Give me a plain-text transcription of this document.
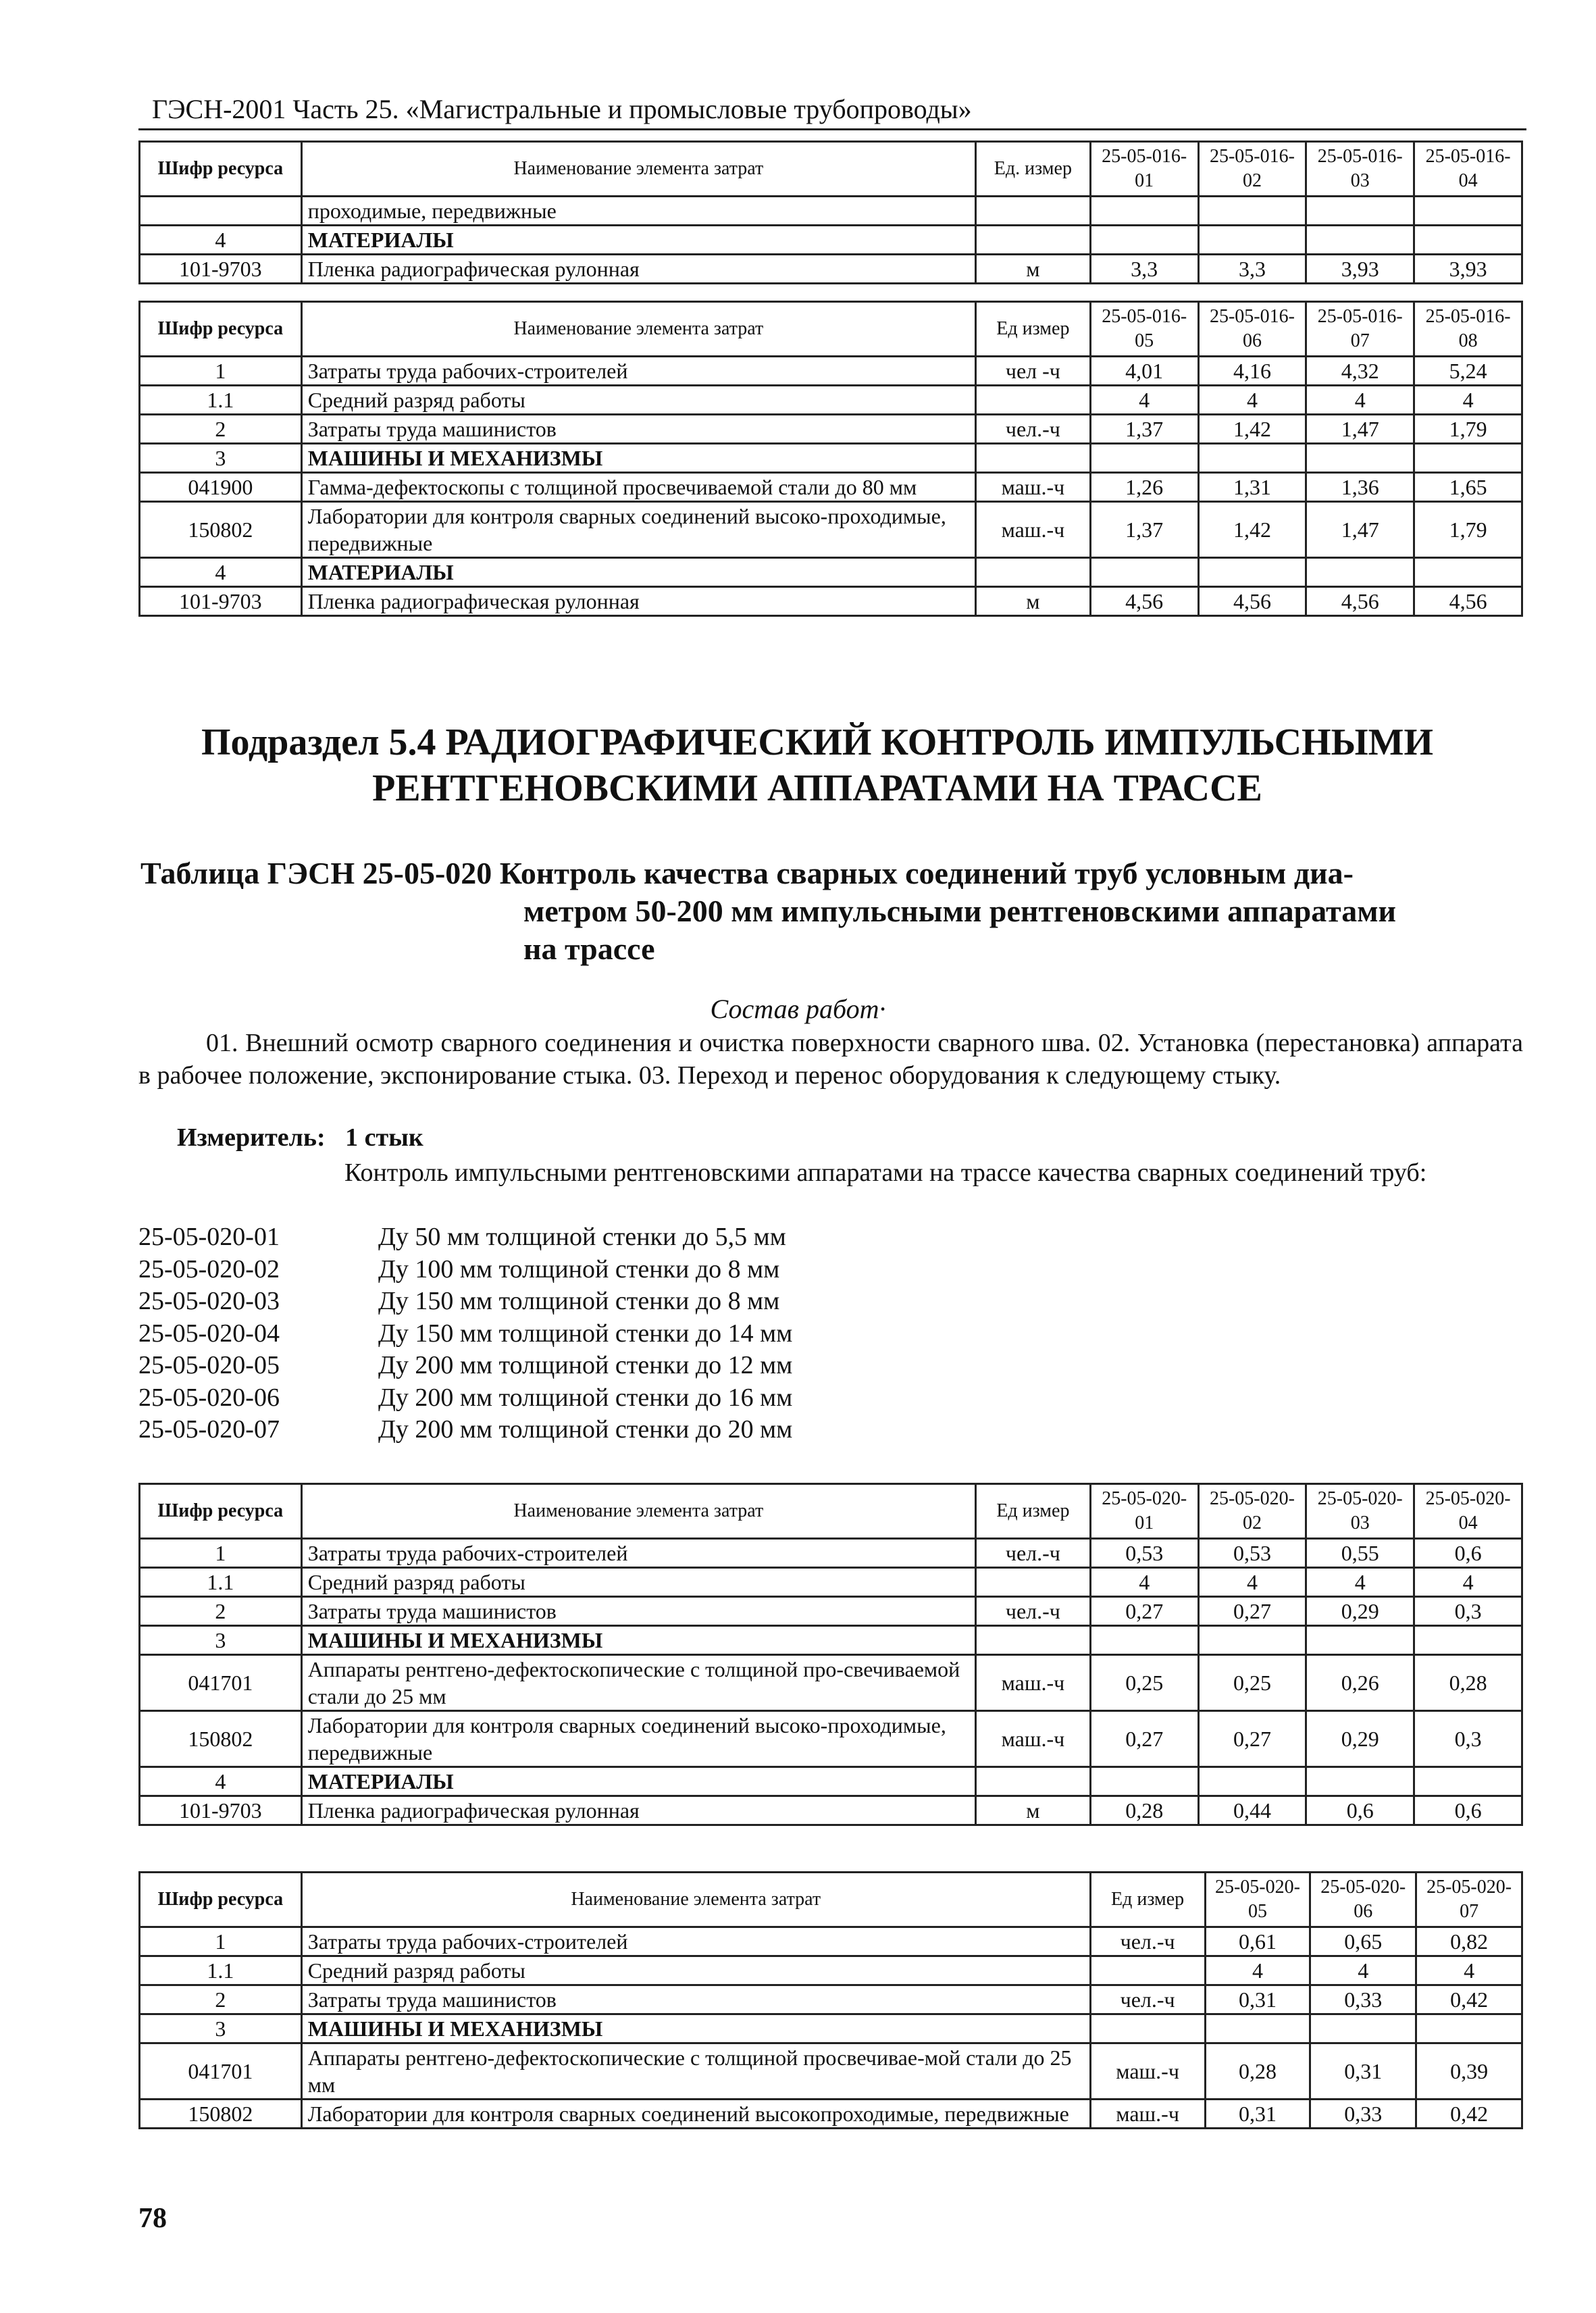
ГЭСН-2001 Часть 25. «Магистральные и промысловые трубопроводы»
Шифр ресурса	Наименование элемента затрат	Ед. измер	25-05-016-01	25-05-016-02	25-05-016-03	25-05-016-04
	проходимые, передвижные					
4	МАТЕРИАЛЫ					
101-9703	Пленка радиографическая рулонная	м	3,3	3,3	3,93	3,93
Шифр ресурса	Наименование элемента затрат	Ед измер	25-05-016-05	25-05-016-06	25-05-016-07	25-05-016-08
1	Затраты труда рабочих-строителей	чел -ч	4,01	4,16	4,32	5,24
1.1	Средний разряд работы		4	4	4	4
2	Затраты труда машинистов	чел.-ч	1,37	1,42	1,47	1,79
3	МАШИНЫ И МЕХАНИЗМЫ					
041900	Гамма-дефектоскопы с толщиной просвечиваемой стали до 80 мм	маш.-ч	1,26	1,31	1,36	1,65
150802	Лаборатории для контроля сварных соединений высоко-проходимые, передвижные	маш.-ч	1,37	1,42	1,47	1,79
4	МАТЕРИАЛЫ					
101-9703	Пленка радиографическая рулонная	м	4,56	4,56	4,56	4,56
Подраздел 5.4 РАДИОГРАФИЧЕСКИЙ КОНТРОЛЬ ИМПУЛЬСНЫМИ
РЕНТГЕНОВСКИМИ АППАРАТАМИ НА ТРАССЕ
Таблица ГЭСН 25-05-020 Контроль качества сварных соединений труб условным диа-
метром 50-200 мм импульсными рентгеновскими аппаратами
на трассе
Состав работ·
01. Внешний осмотр сварного соединения и очистка поверхности сварного шва. 02. Установка (перестановка) аппарата в рабочее положение, экспонирование стыка. 03. Переход и перенос оборудования к следующему стыку.
Измеритель: 1 стык
Контроль импульсными рентгеновскими аппаратами на трассе качества сварных соединений труб:
25-05-020-01	Ду 50 мм толщиной стенки до 5,5 мм
25-05-020-02	Ду 100 мм толщиной стенки до 8 мм
25-05-020-03	Ду 150 мм толщиной стенки до 8 мм
25-05-020-04	Ду 150 мм толщиной стенки до 14 мм
25-05-020-05	Ду 200 мм толщиной стенки до 12 мм
25-05-020-06	Ду 200 мм толщиной стенки до 16 мм
25-05-020-07	Ду 200 мм толщиной стенки до 20 мм
Шифр ресурса	Наименование элемента затрат	Ед измер	25-05-020-01	25-05-020-02	25-05-020-03	25-05-020-04
1	Затраты труда рабочих-строителей	чел.-ч	0,53	0,53	0,55	0,6
1.1	Средний разряд работы		4	4	4	4
2	Затраты труда машинистов	чел.-ч	0,27	0,27	0,29	0,3
3	МАШИНЫ И МЕХАНИЗМЫ					
041701	Аппараты рентгено-дефектоскопические с толщиной про-свечиваемой стали до 25 мм	маш.-ч	0,25	0,25	0,26	0,28
150802	Лаборатории для контроля сварных соединений высоко-проходимые, передвижные	маш.-ч	0,27	0,27	0,29	0,3
4	МАТЕРИАЛЫ					
101-9703	Пленка радиографическая рулонная	м	0,28	0,44	0,6	0,6
Шифр ресурса	Наименование элемента затрат	Ед измер	25-05-020-05	25-05-020-06	25-05-020-07
1	Затраты труда рабочих-строителей	чел.-ч	0,61	0,65	0,82
1.1	Средний разряд работы		4	4	4
2	Затраты труда машинистов	чел.-ч	0,31	0,33	0,42
3	МАШИНЫ И МЕХАНИЗМЫ				
041701	Аппараты рентгено-дефектоскопические с толщиной просвечивае-мой стали до 25 мм	маш.-ч	0,28	0,31	0,39
150802	Лаборатории для контроля сварных соединений высокопроходимые, передвижные	маш.-ч	0,31	0,33	0,42
78
